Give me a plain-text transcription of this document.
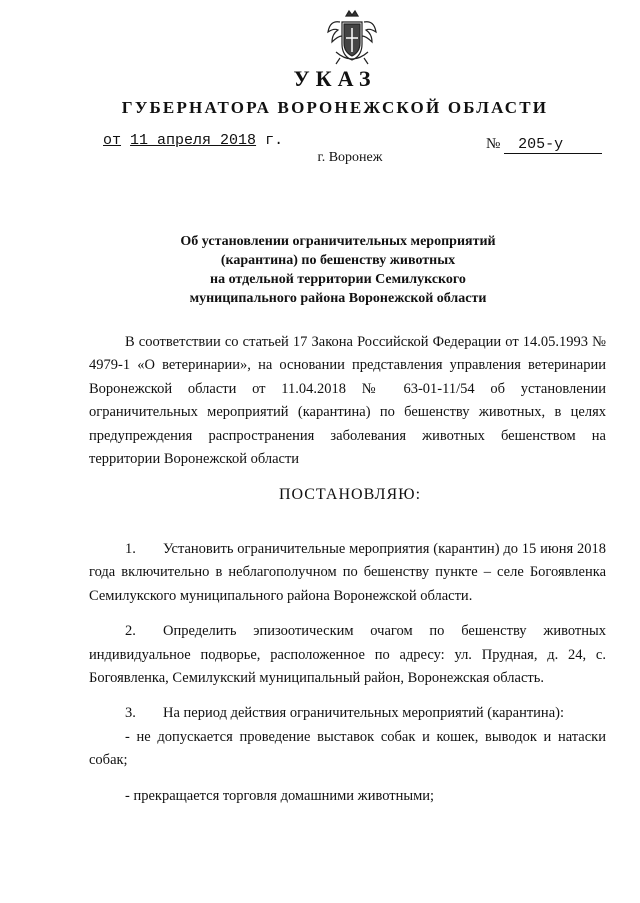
УКАЗ
ГУБЕРНАТОРА ВОРОНЕЖСКОЙ ОБЛАСТИ
от 11 апреля 2018 г.	№ 205-у
г. Воронеж
Об установлении ограничительных мероприятий
(карантина) по бешенству животных
на отдельной территории Семилукского
муниципального района Воронежской области
В соответствии со статьей 17 Закона Российской Федерации от 14.05.1993 № 4979-1 «О ветеринарии», на основании представления управления ветеринарии Воронежской области от 11.04.2018 № 63-01-11/54 об установлении ограничительных мероприятий (карантина) по бешенству животных, в целях предупреждения распространения заболевания животных бешенством на территории Воронежской области
ПОСТАНОВЛЯЮ:
1. Установить ограничительные мероприятия (карантин) до 15 июня 2018 года включительно в неблагополучном по бешенству пункте – селе Богоявленка Семилукского муниципального района Воронежской области.
2. Определить эпизоотическим очагом по бешенству животных индивидуальное подворье, расположенное по адресу: ул. Прудная, д. 24, с. Богоявленка, Семилукский муниципальный район, Воронежская область.
3. На период действия ограничительных мероприятий (карантина):
- не допускается проведение выставок собак и кошек, выводок и натаски собак;
- прекращается торговля домашними животными;
